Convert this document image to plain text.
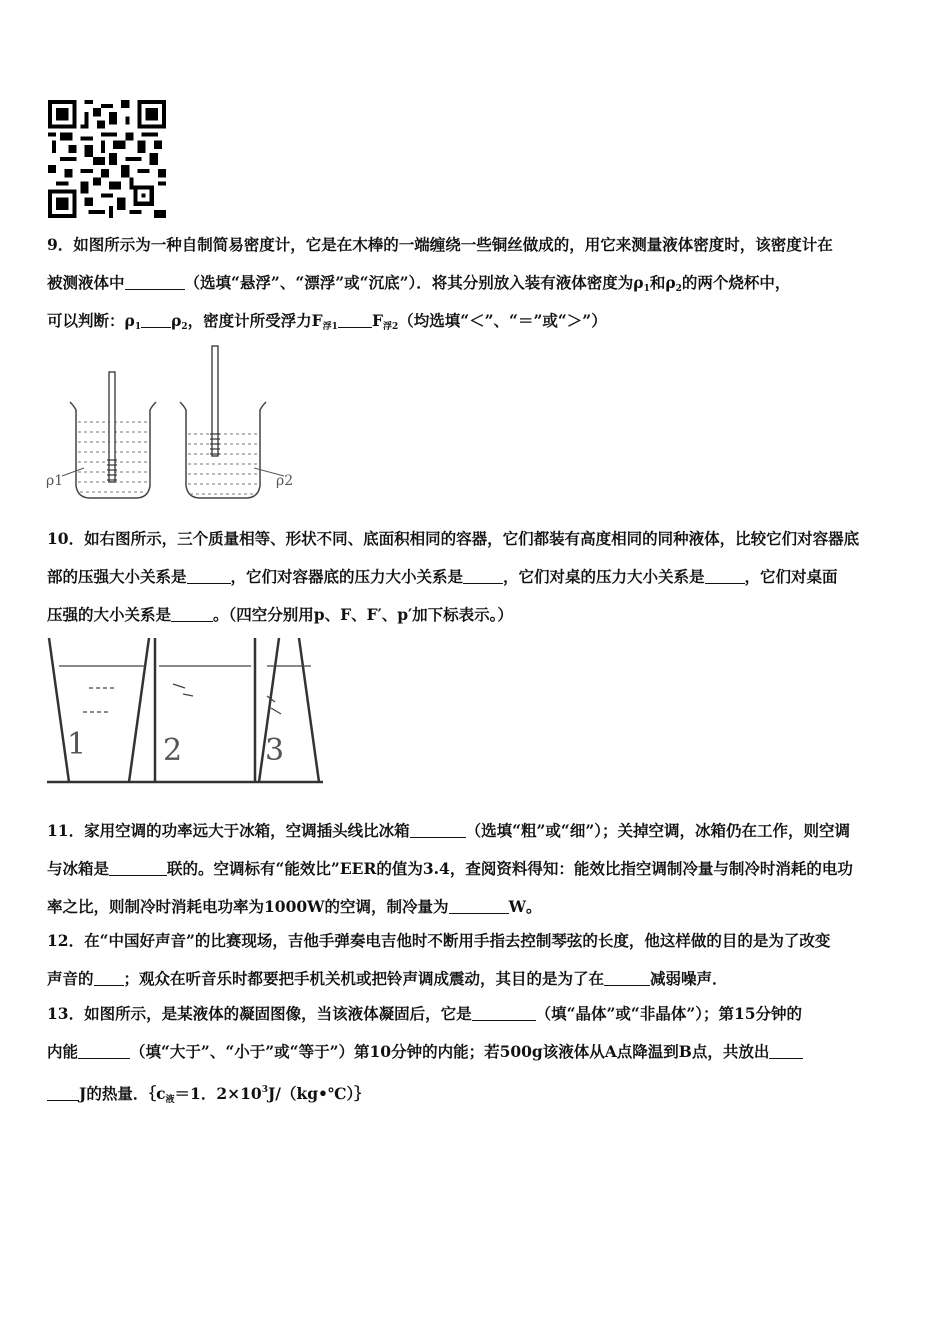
9．如图所示为一种自制简易密度计，它是在木棒的一端缠绕一些铜丝做成的，用它来测量液体密度时，该密度计在
被测液体中	（选填“悬浮”、“漂浮”或“沉底”）．将其分别放入装有液体密度为$\rho_1$和$\rho_2$的两个烧杯中，
可以判断：$\rho_1$ $\rho_2$，密度计所受浮力$F_{浮1}$ $F_{浮2}$（均选填“＜”、“＝”或“＞”）
ρ1	ρ2
10．如右图所示，三个质量相等、形状不同、底面积相同的容器，它们都装有高度相同的同种液体，比较它们对容器底
部的压强大小关系是	，它们对容器底的压力大小关系是	，它们对桌的压力大小关系是	，它们对桌面
压强的大小关系是	。（四空分别用p、F、F′、p′加下标表示。）
1	2	3
11．家用空调的功率远大于冰箱，空调插头线比冰箱	（选填“粗”或“细”）；关掉空调，冰箱仍在工作，则空调
与冰箱是	联的。空调标有“能效比”EER的值为3.4，查阅资料得知：能效比指空调制冷量与制冷时消耗的电功
率之比，则制冷时消耗电功率为1000W的空调，制冷量为	W。
12．在“中国好声音”的比赛现场，吉他手弹奏电吉他时不断用手指去控制琴弦的长度，他这样做的目的是为了改变
声音的 ；观众在听音乐时都要把手机关机或把铃声调成震动，其目的是为了在	减弱噪声．
13．如图所示，是某液体的凝固图像，当该液体凝固后，它是	（填“晶体”或“非晶体”）；第15分钟的
内能	（填“大于”、“小于”或“等于”）第10分钟的内能；若500g该液体从A点降温到B点，共放出
J的热量．$\{c_液=1$．$2\times 10^3J/(kg•℃)\}$
